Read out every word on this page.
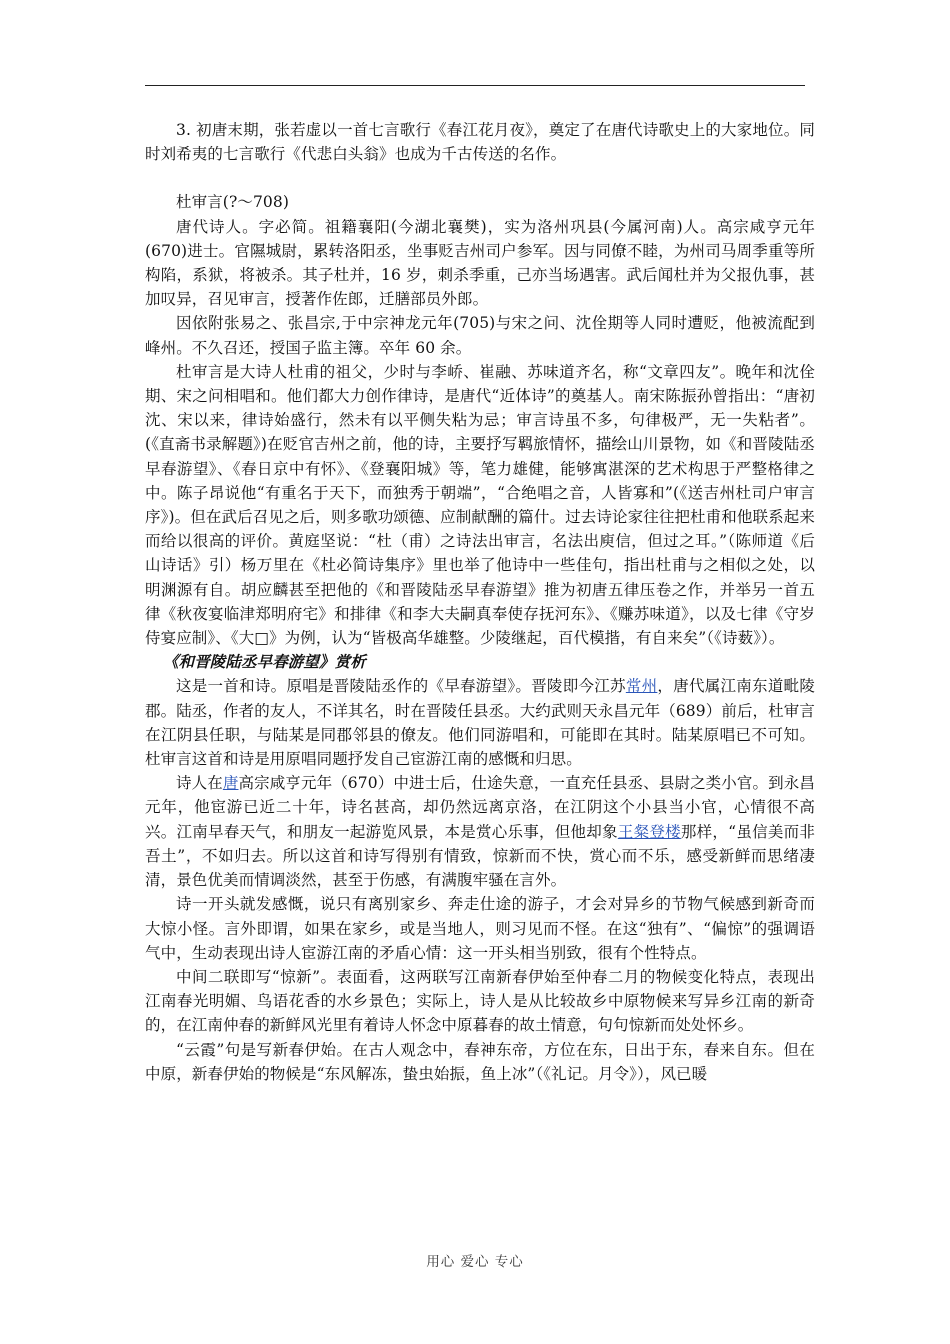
3. 初唐末期，张若虚以一首七言歌行《春江花月夜》，奠定了在唐代诗歌史上的大家地位。同时刘希夷的七言歌行《代悲白头翁》也成为千古传送的名作。

杜审言(?～708)

唐代诗人。字必简。祖籍襄阳(今湖北襄樊)，实为洛州巩县(今属河南)人。高宗咸亨元年(670)进士。官隰城尉，累转洛阳丞，坐事贬吉州司户参军。因与同僚不睦，为州司马周季重等所构陷，系狱，将被杀。其子杜并，16 岁，刺杀季重，己亦当场遇害。武后闻杜并为父报仇事，甚加叹异，召见审言，授著作佐郎，迁膳部员外郎。

因依附张易之、张昌宗,于中宗神龙元年(705)与宋之问、沈佺期等人同时遭贬，他被流配到峰州。不久召还，授国子监主簿。卒年 60 余。

杜审言是大诗人杜甫的祖父，少时与李峤、崔融、苏味道齐名，称“文章四友”。晚年和沈佺期、宋之问相唱和。他们都大力创作律诗，是唐代“近体诗”的奠基人。南宋陈振孙曾指出：“唐初沈、宋以来，律诗始盛行，然未有以平侧失粘为忌；审言诗虽不多，句律极严，无一失粘者”。(《直斋书录解题》)在贬官吉州之前，他的诗，主要抒写羁旅情怀，描绘山川景物，如《和晋陵陆丞早春游望》、《春日京中有怀》、《登襄阳城》等，笔力雄健，能够寓湛深的艺术构思于严整格律之中。陈子昂说他“有重名于天下，而独秀于朝端”，“合绝唱之音，人皆寡和”(《送吉州杜司户审言序》)。但在武后召见之后，则多歌功颂德、应制献酬的篇什。过去诗论家往往把杜甫和他联系起来而给以很高的评价。黄庭坚说：“杜（甫）之诗法出审言，名法出庾信，但过之耳。”（陈师道《后山诗话》引）杨万里在《杜必简诗集序》里也举了他诗中一些佳句，指出杜甫与之相似之处，以明渊源有自。胡应麟甚至把他的《和晋陵陆丞早春游望》推为初唐五律压卷之作，并举另一首五律《秋夜宴临津郑明府宅》和排律《和李大夫嗣真奉使存抚河东》、《赚苏味道》，以及七律《守岁侍宴应制》、《大□》为例，认为“皆极高华雄整。少陵继起，百代模揩，有自来矣”（《诗薮》）。

《和晋陵陆丞早春游望》赏析

这是一首和诗。原唱是晋陵陆丞作的《早春游望》。晋陵即今江苏常州，唐代属江南东道毗陵郡。陆丞，作者的友人，不详其名，时在晋陵任县丞。大约武则天永昌元年（689）前后，杜审言在江阴县任职，与陆某是同郡邻县的僚友。他们同游唱和，可能即在其时。陆某原唱已不可知。杜审言这首和诗是用原唱同题抒发自己宦游江南的感慨和归思。

诗人在唐高宗咸亨元年（670）中进士后，仕途失意，一直充任县丞、县尉之类小官。到永昌元年，他宦游已近二十年，诗名甚高，却仍然远离京洛，在江阴这个小县当小官，心情很不高兴。江南早春天气，和朋友一起游览风景，本是赏心乐事，但他却象王粲登楼那样，“虽信美而非吾土”，不如归去。所以这首和诗写得别有情致，惊新而不快，赏心而不乐，感受新鲜而思绪凄清，景色优美而情调淡然，甚至于伤感，有满腹牢骚在言外。

诗一开头就发感慨，说只有离别家乡、奔走仕途的游子，才会对异乡的节物气候感到新奇而大惊小怪。言外即谓，如果在家乡，或是当地人，则习见而不怪。在这“独有”、“偏惊”的强调语气中，生动表现出诗人宦游江南的矛盾心情：这一开头相当别致，很有个性特点。

中间二联即写“惊新”。表面看，这两联写江南新春伊始至仲春二月的物候变化特点，表现出江南春光明媚、鸟语花香的水乡景色；实际上，诗人是从比较故乡中原物候来写异乡江南的新奇的，在江南仲春的新鲜风光里有着诗人怀念中原暮春的故土情意，句句惊新而处处怀乡。

“云霞”句是写新春伊始。在古人观念中，春神东帝，方位在东，日出于东，春来自东。但在中原，新春伊始的物候是“东风解冻，蛰虫始振，鱼上冰”（《礼记。月令》），风已暖

用心 爱心 专心
